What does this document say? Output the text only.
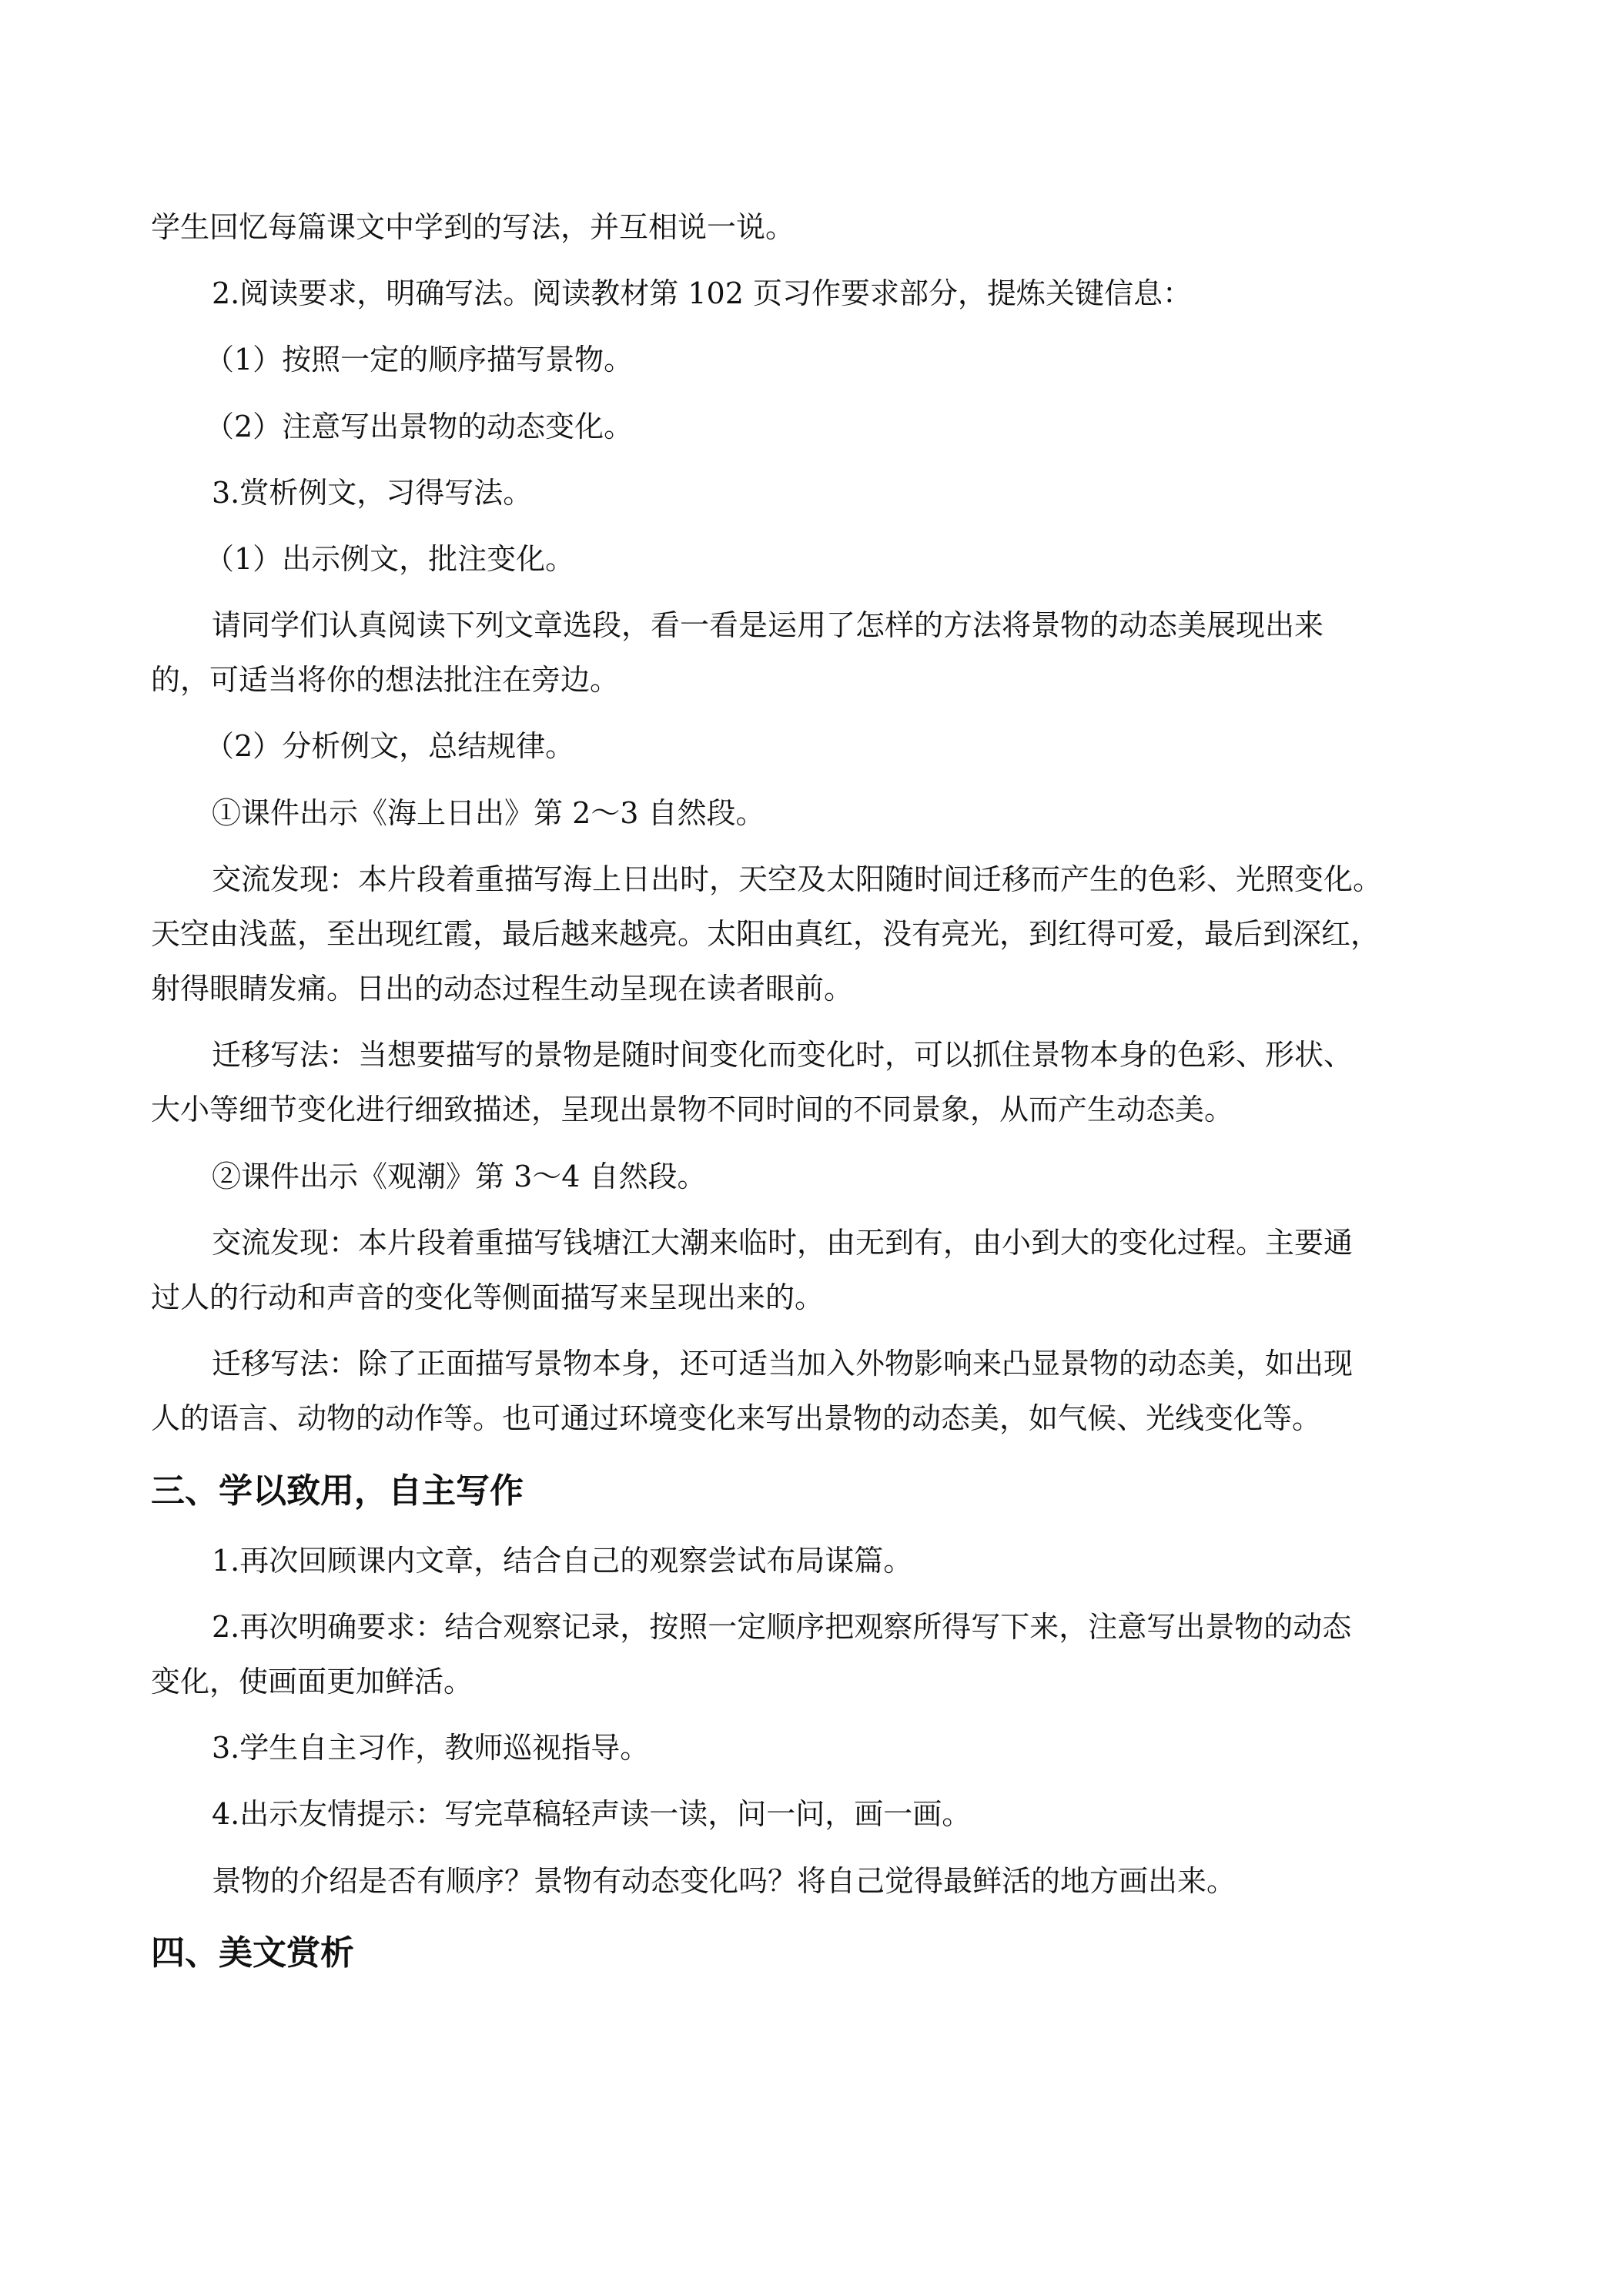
学生回忆每篇课文中学到的写法，并互相说一说。

2.阅读要求，明确写法。阅读教材第 102 页习作要求部分，提炼关键信息：

（1）按照一定的顺序描写景物。

（2）注意写出景物的动态变化。

3.赏析例文，习得写法。

（1）出示例文，批注变化。

请同学们认真阅读下列文章选段，看一看是运用了怎样的方法将景物的动态美展现出来

的，可适当将你的想法批注在旁边。

（2）分析例文，总结规律。

①课件出示《海上日出》第 2～3 自然段。

交流发现：本片段着重描写海上日出时，天空及太阳随时间迁移而产生的色彩、光照变化。

天空由浅蓝，至出现红霞，最后越来越亮。太阳由真红，没有亮光，到红得可爱，最后到深红，

射得眼睛发痛。日出的动态过程生动呈现在读者眼前。

迁移写法：当想要描写的景物是随时间变化而变化时，可以抓住景物本身的色彩、形状、

大小等细节变化进行细致描述，呈现出景物不同时间的不同景象，从而产生动态美。

②课件出示《观潮》第 3～4 自然段。

交流发现：本片段着重描写钱塘江大潮来临时，由无到有，由小到大的变化过程。主要通

过人的行动和声音的变化等侧面描写来呈现出来的。

迁移写法：除了正面描写景物本身，还可适当加入外物影响来凸显景物的动态美，如出现

人的语言、动物的动作等。也可通过环境变化来写出景物的动态美，如气候、光线变化等。

三、学以致用，自主写作

1.再次回顾课内文章，结合自己的观察尝试布局谋篇。

2.再次明确要求：结合观察记录，按照一定顺序把观察所得写下来，注意写出景物的动态

变化，使画面更加鲜活。

3.学生自主习作，教师巡视指导。

4.出示友情提示：写完草稿轻声读一读，问一问，画一画。

景物的介绍是否有顺序？景物有动态变化吗？将自己觉得最鲜活的地方画出来。

四、美文赏析
